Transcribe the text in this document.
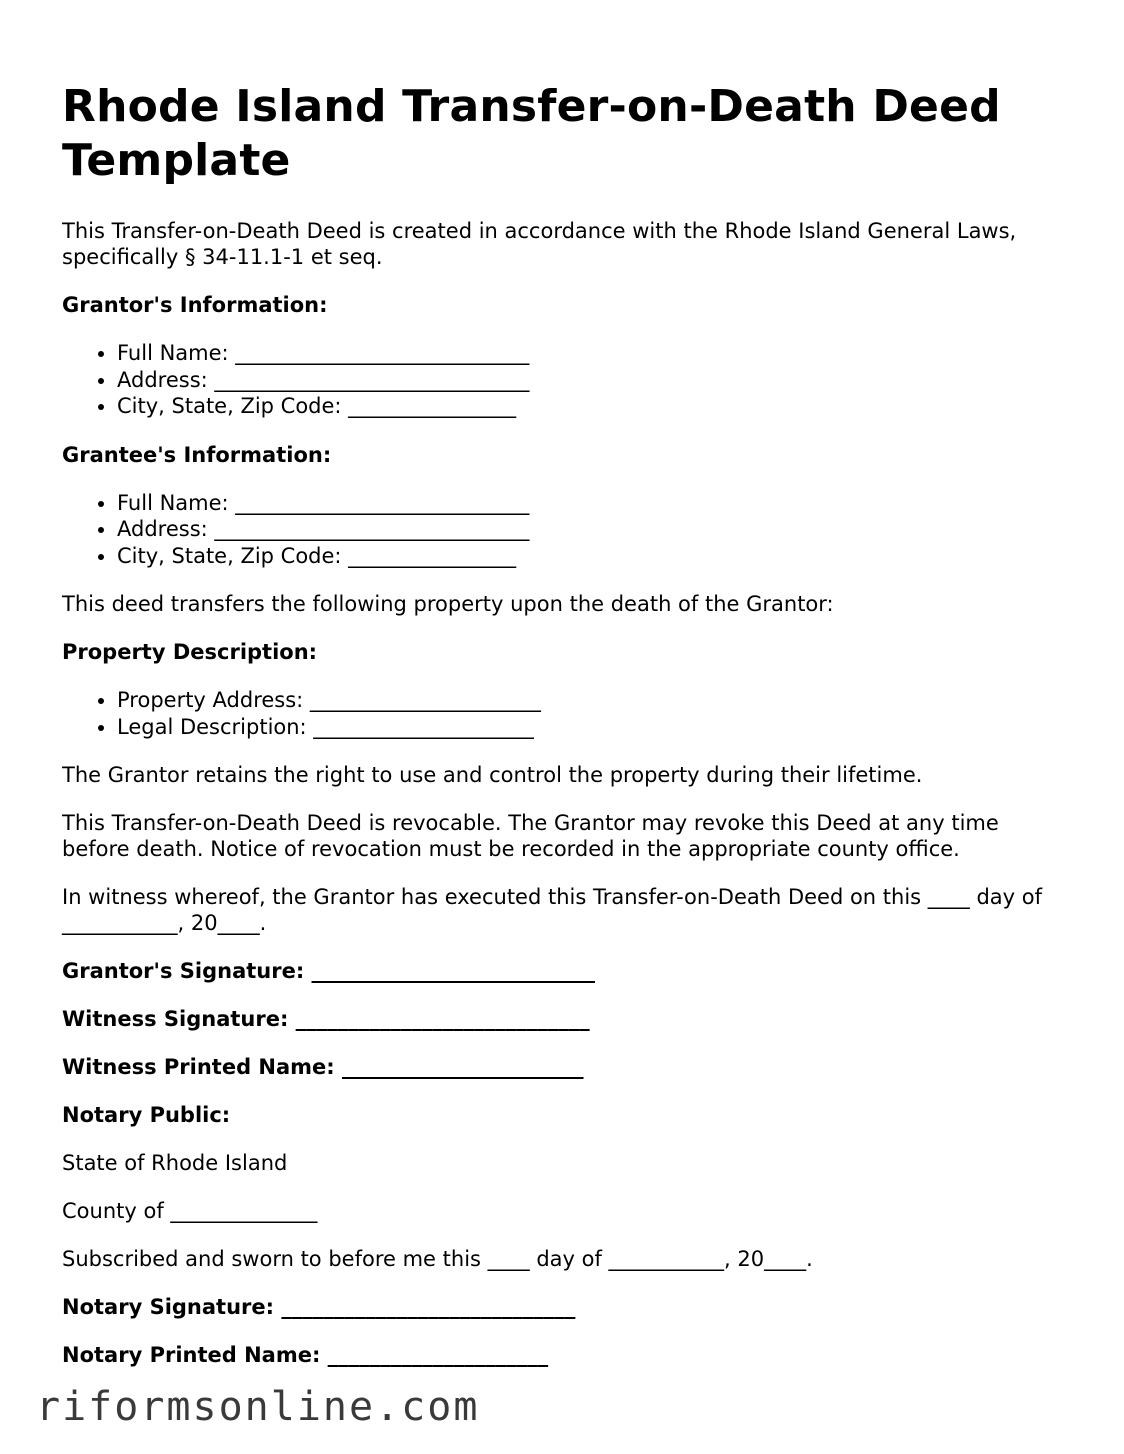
Rhode Island Transfer-on-Death Deed Template

This Transfer-on-Death Deed is created in accordance with the Rhode Island General Laws, specifically § 34-11.1-1 et seq.

Grantor's Information:

• Full Name: ____________________________
• Address: ______________________________
• City, State, Zip Code: ________________

Grantee's Information:

• Full Name: ____________________________
• Address: ______________________________
• City, State, Zip Code: ________________

This deed transfers the following property upon the death of the Grantor:

Property Description:

• Property Address: ______________________
• Legal Description: _____________________

The Grantor retains the right to use and control the property during their lifetime.

This Transfer-on-Death Deed is revocable. The Grantor may revoke this Deed at any time before death. Notice of revocation must be recorded in the appropriate county office.

In witness whereof, the Grantor has executed this Transfer-on-Death Deed on this ____ day of ___________, 20____.

Grantor's Signature: ___________________________

Witness Signature: ____________________________

Witness Printed Name: _______________________

Notary Public:

State of Rhode Island

County of ______________

Subscribed and sworn to before me this ____ day of ___________, 20____.

Notary Signature: ____________________________

Notary Printed Name: _____________________

riformsonline.com
